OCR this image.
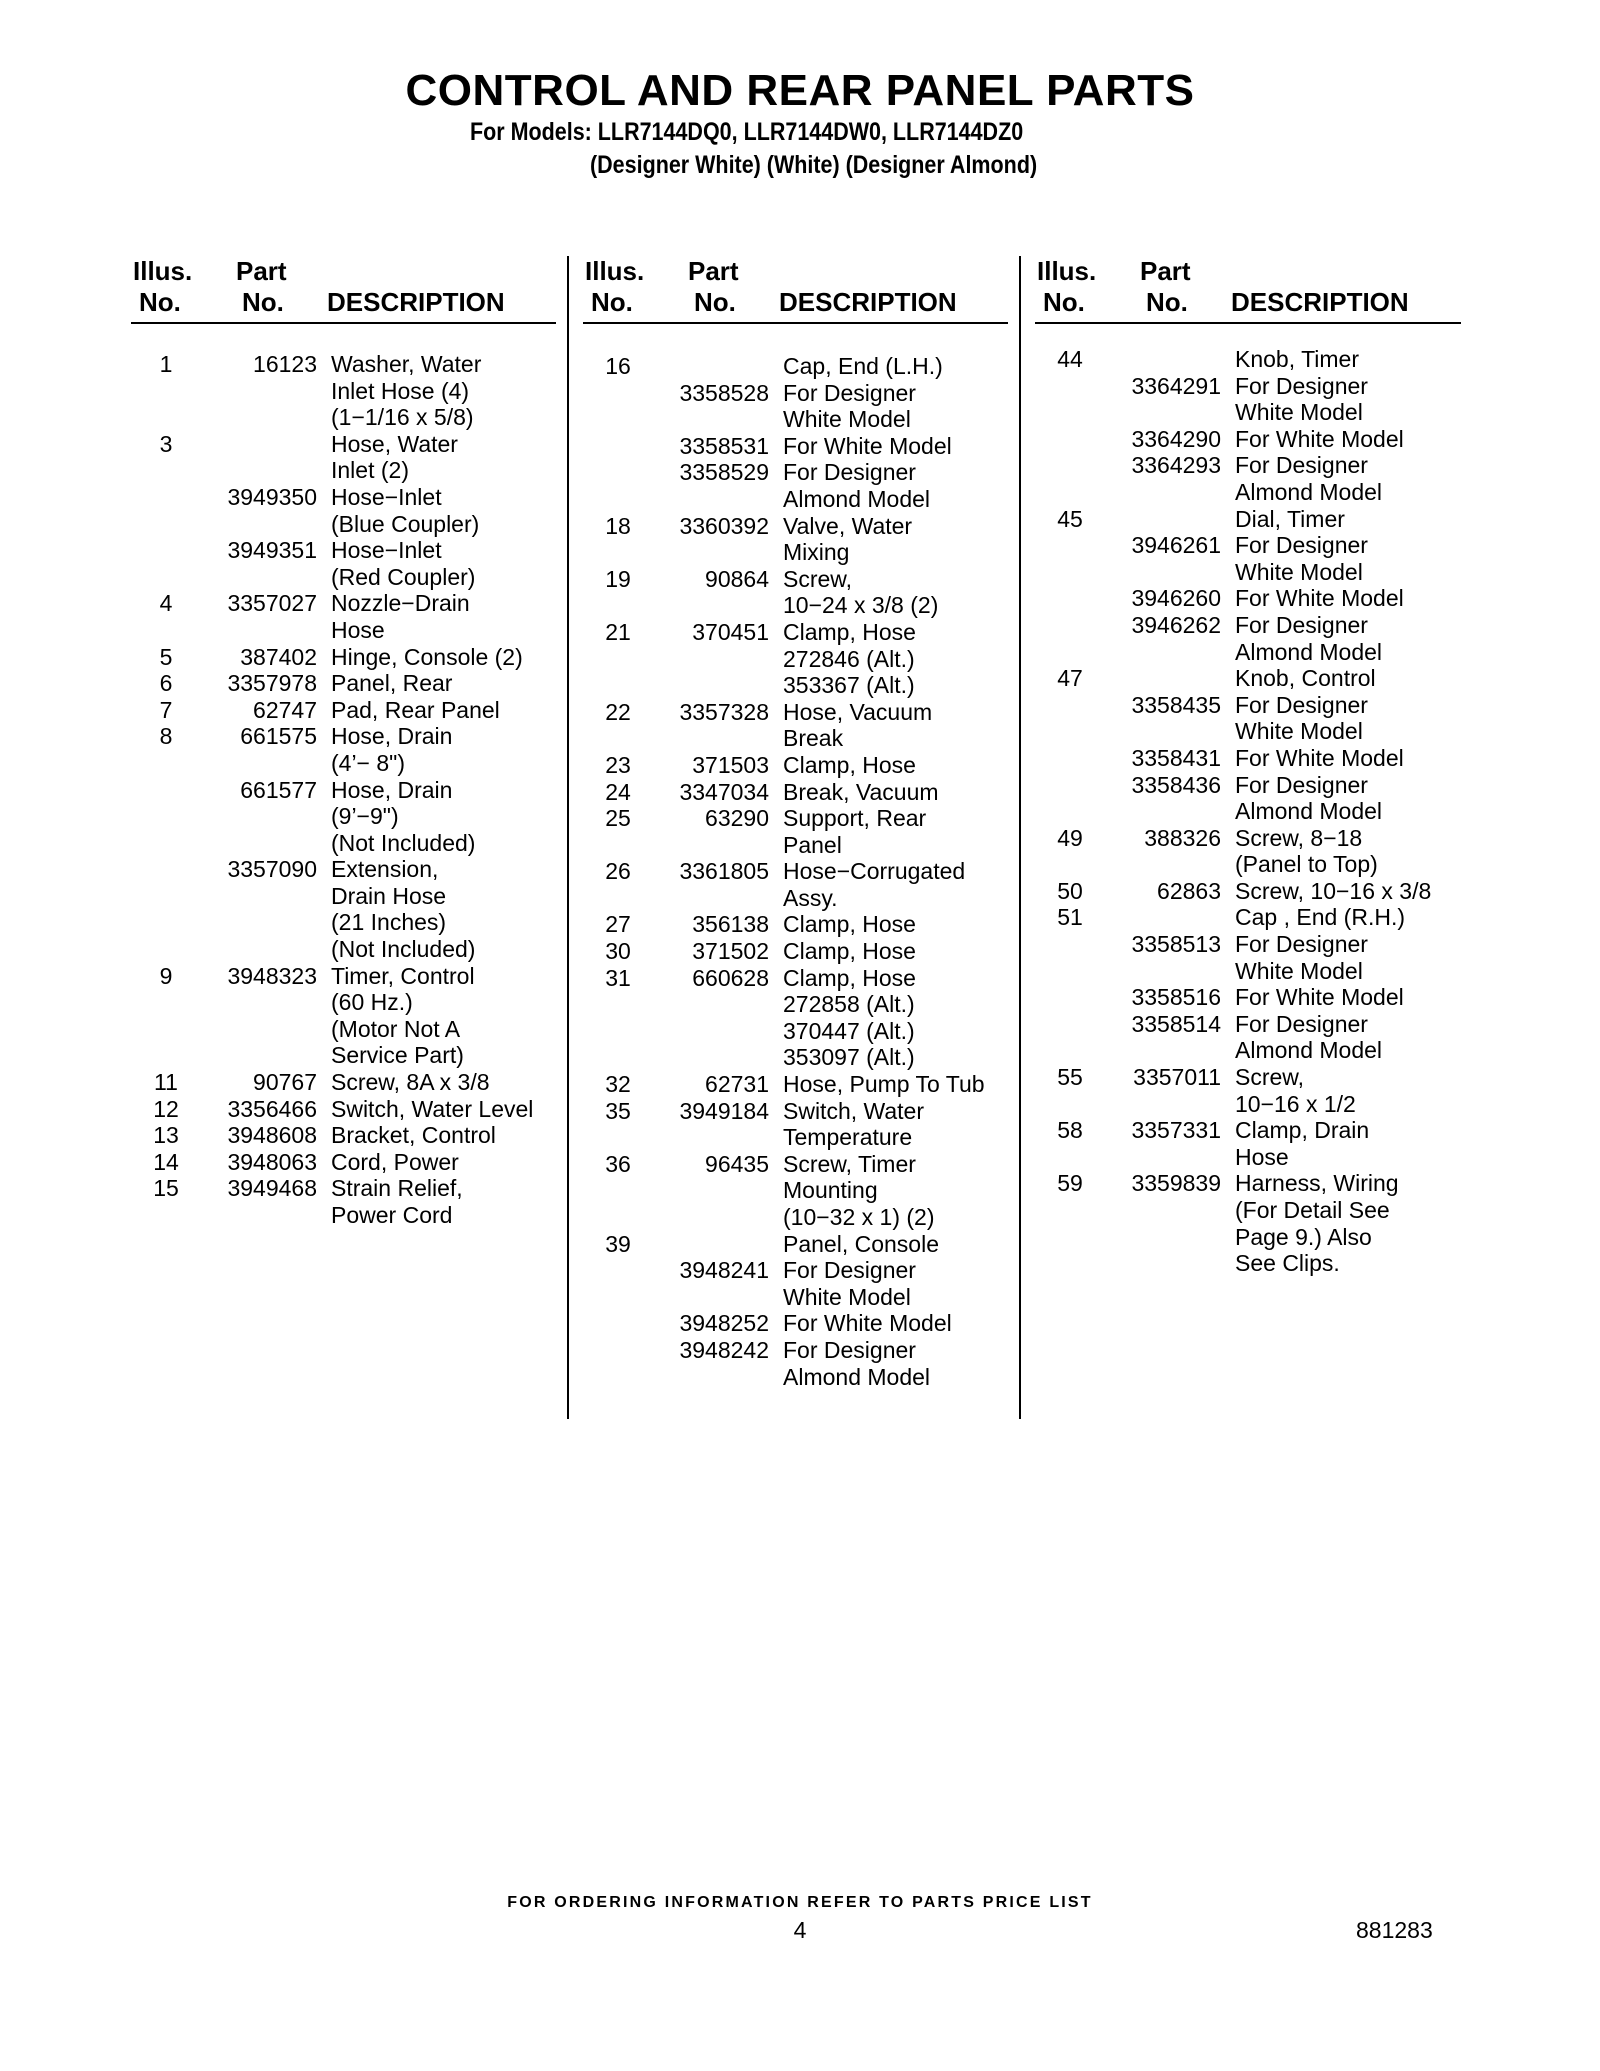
CONTROL AND REAR PANEL PARTS
For Models: LLR7144DQ0, LLR7144DW0, LLR7144DZ0
(Designer White) (White) (Designer Almond)
Illus.
No.
Part
No. DESCRIPTION
Illus.
No.
Part
No. DESCRIPTION
Illus.
No.
Part
No. DESCRIPTION
1	16123 Washer, Water
Inlet Hose (4)
(1−1/16 x 5/8)
3	Hose, Water
Inlet (2)
3949350 Hose−Inlet
(Blue Coupler)
3949351 Hose−Inlet
(Red Coupler)
4	3357027 Nozzle−Drain
Hose
5	387402 Hinge, Console (2)
6	3357978 Panel, Rear
7	62747 Pad, Rear Panel
8	661575 Hose, Drain
(4’− 8")
661577 Hose, Drain
(9’−9")
(Not Included)
3357090 Extension,
Drain Hose
(21 Inches)
(Not Included)
9	3948323 Timer, Control
(60 Hz.)
(Motor Not A
Service Part)
11	90767 Screw, 8A x 3/8
12	3356466 Switch, Water Level
13	3948608 Bracket, Control
14	3948063 Cord, Power
15	3949468 Strain Relief,
Power Cord
16	Cap, End (L.H.)
3358528 For Designer
White Model
3358531 For White Model
3358529 For Designer
Almond Model
18	3360392 Valve, Water
Mixing
19	90864 Screw,
10−24 x 3/8 (2)
21	370451 Clamp, Hose
272846 (Alt.)
353367 (Alt.)
22	3357328 Hose, Vacuum
Break
23	371503 Clamp, Hose
24	3347034 Break, Vacuum
25	63290 Support, Rear
Panel
26	3361805 Hose−Corrugated
Assy.
27	356138 Clamp, Hose
30	371502 Clamp, Hose
31	660628 Clamp, Hose
272858 (Alt.)
370447 (Alt.)
353097 (Alt.)
32	62731 Hose, Pump To Tub
35	3949184 Switch, Water
Temperature
36	96435 Screw, Timer
Mounting
(10−32 x 1) (2)
39	Panel, Console
3948241 For Designer
White Model
3948252 For White Model
3948242 For Designer
Almond Model
44	Knob, Timer
3364291 For Designer
White Model
3364290 For White Model
3364293 For Designer
Almond Model
45	Dial, Timer
3946261 For Designer
White Model
3946260 For White Model
3946262 For Designer
Almond Model
47	Knob, Control
3358435 For Designer
White Model
3358431 For White Model
3358436 For Designer
Almond Model
49	388326 Screw, 8−18
(Panel to Top)
50	62863 Screw, 10−16 x 3/8
51	Cap , End (R.H.)
3358513 For Designer
White Model
3358516 For White Model
3358514 For Designer
Almond Model
55	3357011 Screw,
10−16 x 1/2
58	3357331 Clamp, Drain
Hose
59	3359839 Harness, Wiring
(For Detail See
Page 9.) Also
See Clips.
FOR ORDERING INFORMATION REFER TO PARTS PRICE LIST
4	881283
